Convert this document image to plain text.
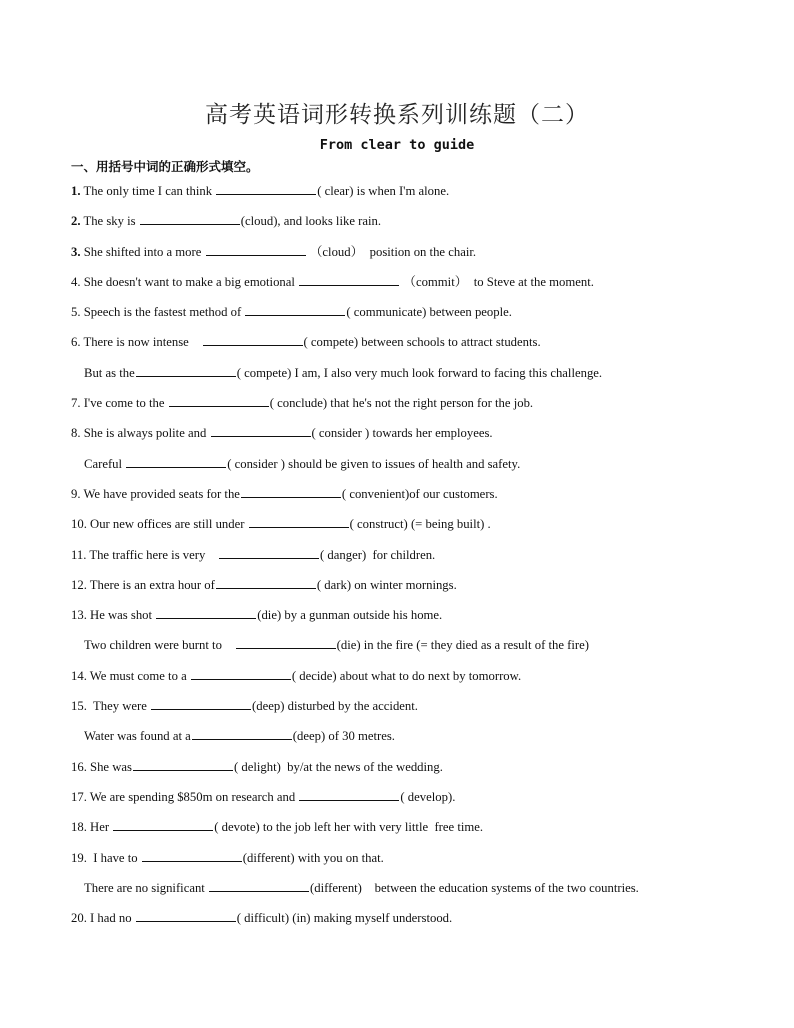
高考英语词形转换系列训练题（二）
From clear to guide
一、用括号中词的正确形式填空。
1. The only time I can think	( clear) is when I'm alone.
2. The sky is	(cloud), and looks like rain.
3. She shifted into a more	（cloud）  position on the chair.
4. She doesn't want to make a big emotional	（commit）  to Steve at the moment.
5. Speech is the fastest method of	( communicate) between people.
6. There is now intense	( compete) between schools to attract students.
But as the	( compete) I am, I also very much look forward to facing this challenge.
7. I've come to the	( conclude) that he's not the right person for the job.
8. She is always polite and	( consider ) towards her employees.
Careful	( consider ) should be given to issues of health and safety.
9. We have provided seats for the	( convenient)of our customers.
10. Our new offices are still under	( construct) (= being built) .
11. The traffic here is very	( danger)  for children.
12. There is an extra hour of	( dark) on winter mornings.
13. He was shot	(die) by a gunman outside his home.
Two children were burnt to	(die) in the fire (= they died as a result of the fire)
14. We must come to a	( decide) about what to do next by tomorrow.
15.  They were	(deep) disturbed by the accident.
Water was found at a	(deep) of 30 metres.
16. She was	( delight)  by/at the news of the wedding.
17. We are spending $850m on research and	( develop).
18. Her	( devote) to the job left her with very little  free time.
19.  I have to	(different) with you on that.
There are no significant	(different)    between the education systems of the two countries.
20. I had no	( difficult) (in) making myself understood.
